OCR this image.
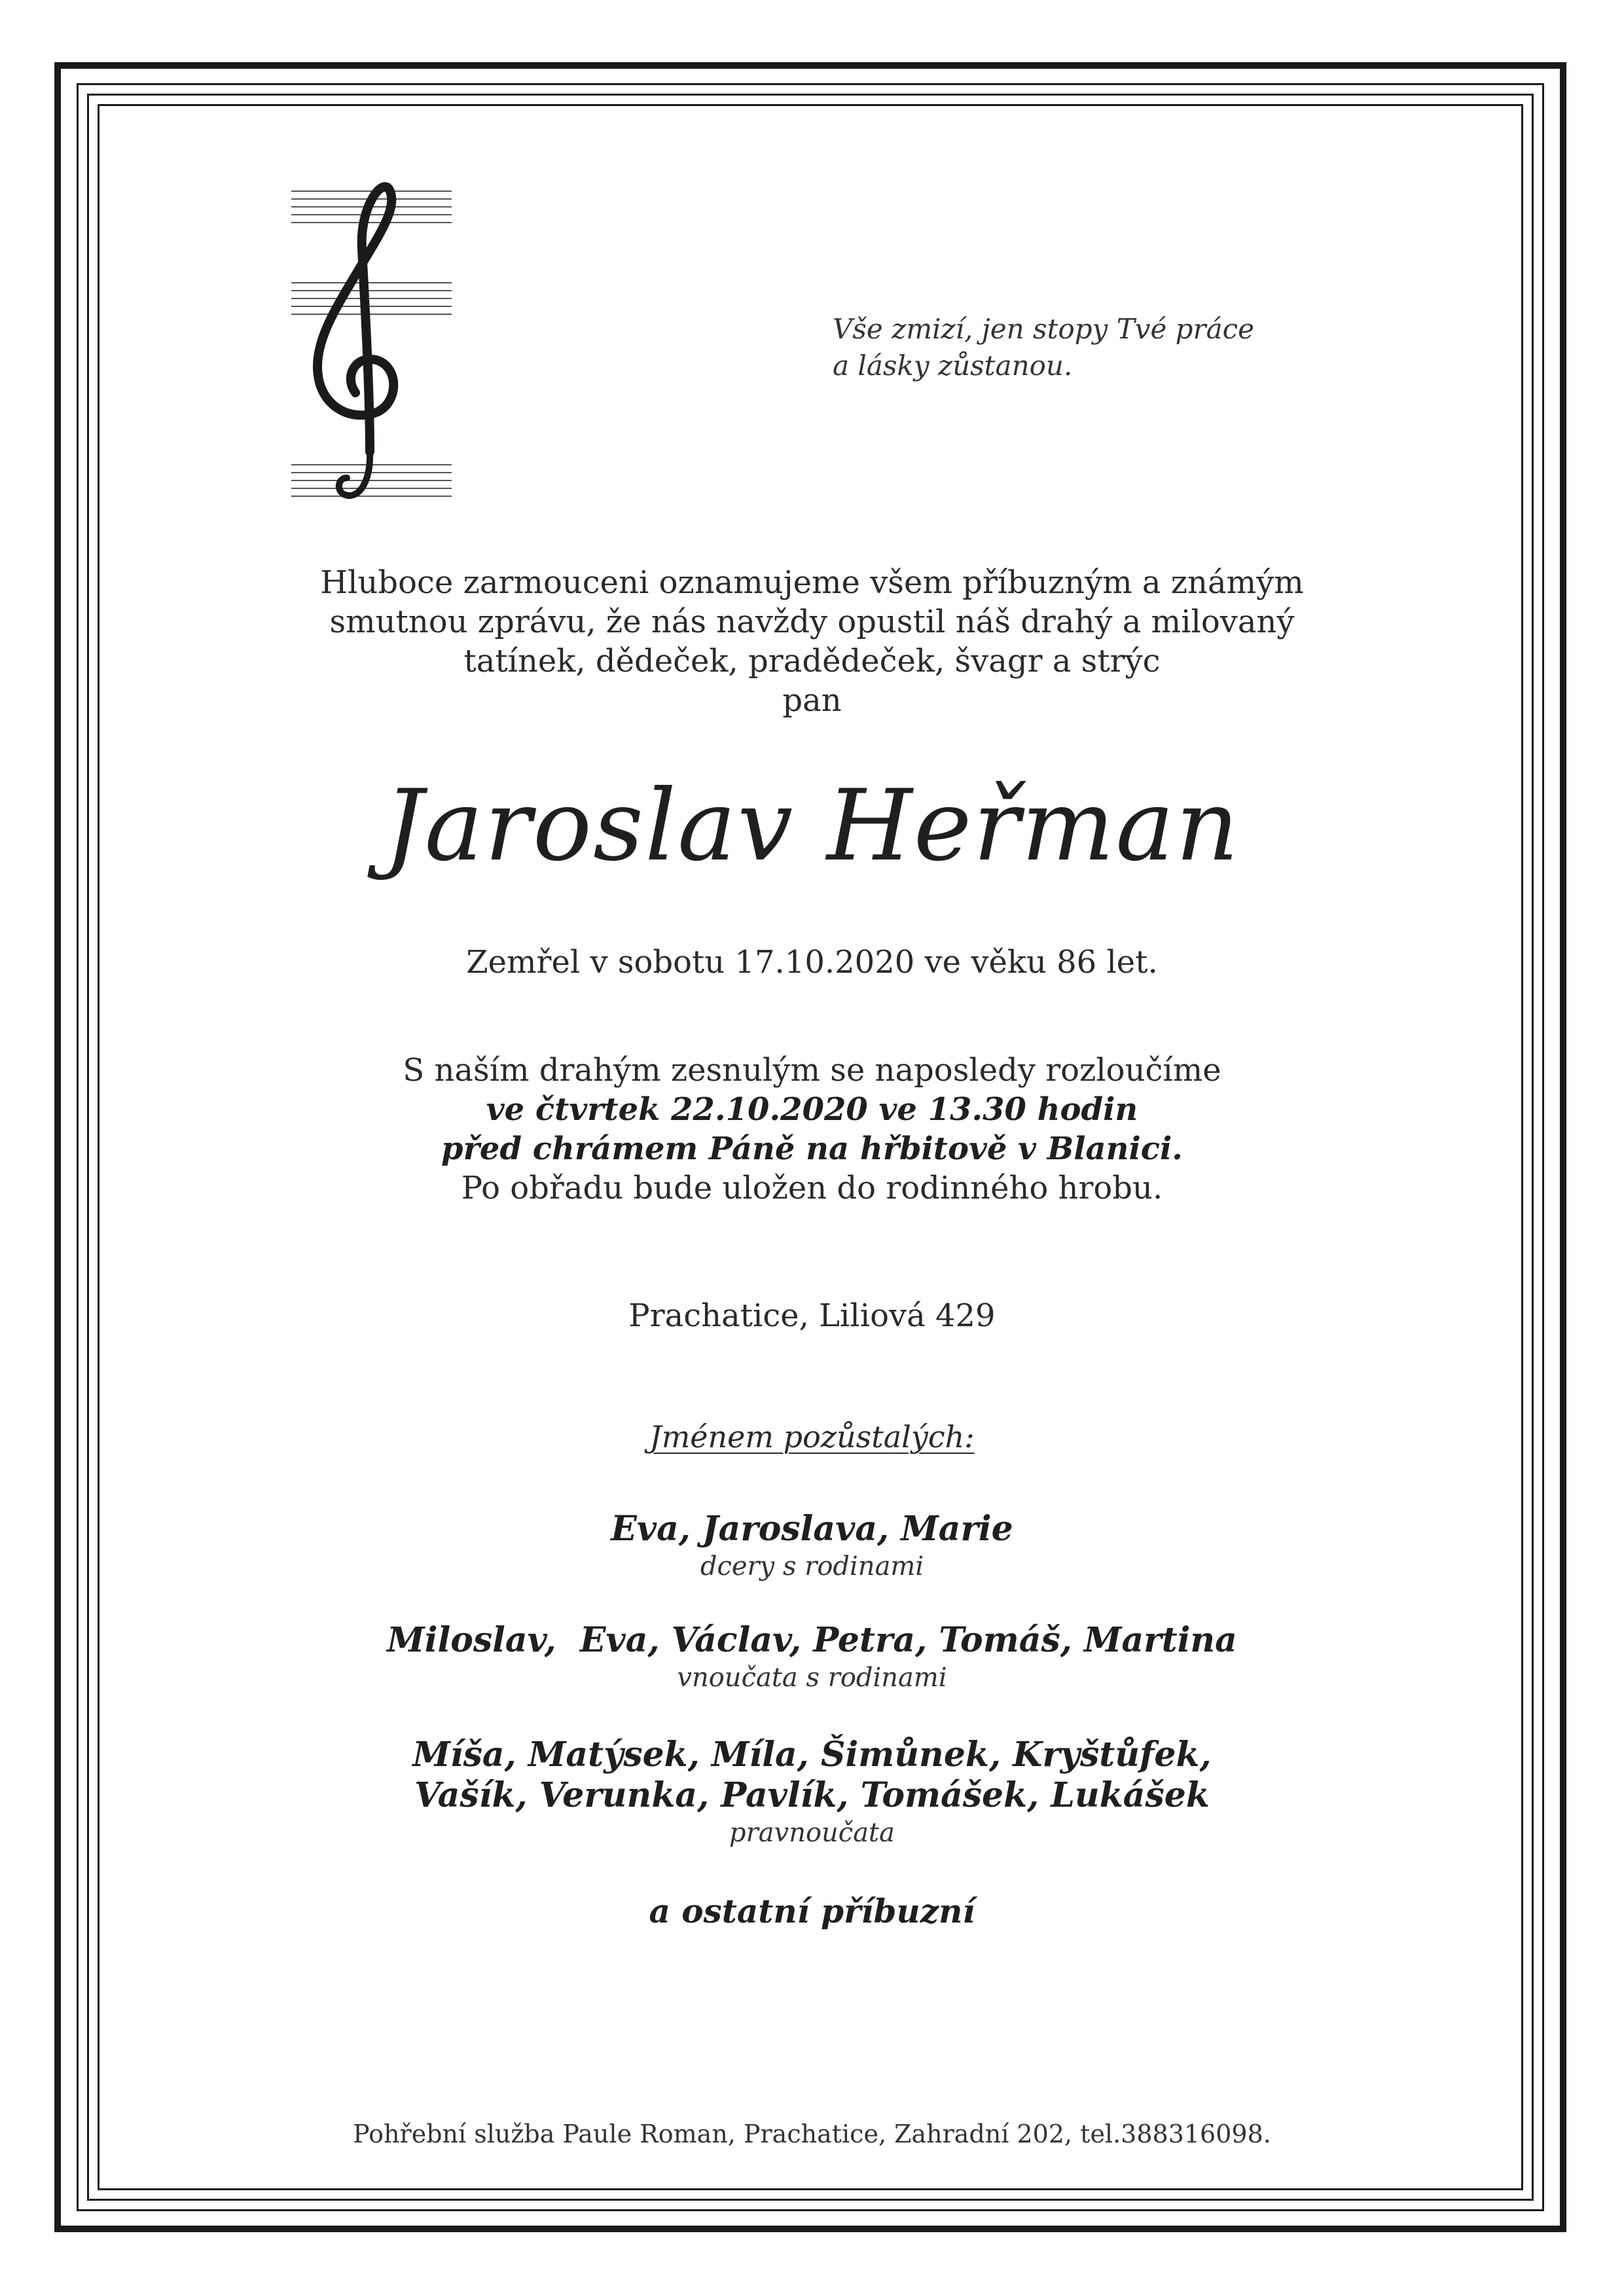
Vše zmizí, jen stopy Tvé práce
a lásky zůstanou.
Hluboce zarmouceni oznamujeme všem příbuzným a známým
smutnou zprávu, že nás navždy opustil náš drahý a milovaný
tatínek, dědeček, pradědeček, švagr a strýc
pan
Jaroslav Heřman
Zemřel v sobotu 17.10.2020 ve věku 86 let.
S naším drahým zesnulým se naposledy rozloučíme
ve čtvrtek 22.10.2020 ve 13.30 hodin
před chrámem Páně na hřbitově v Blanici.
Po obřadu bude uložen do rodinného hrobu.
Prachatice, Liliová 429
Jménem pozůstalých:
Eva, Jaroslava, Marie
dcery s rodinami
Miloslav,  Eva, Václav, Petra, Tomáš, Martina
vnoučata s rodinami
Míša, Matýsek, Míla, Šimůnek, Kryštůfek,
Vašík, Verunka, Pavlík, Tomášek, Lukášek
pravnoučata
a ostatní příbuzní
Pohřební služba Paule Roman, Prachatice, Zahradní 202, tel.388316098.
